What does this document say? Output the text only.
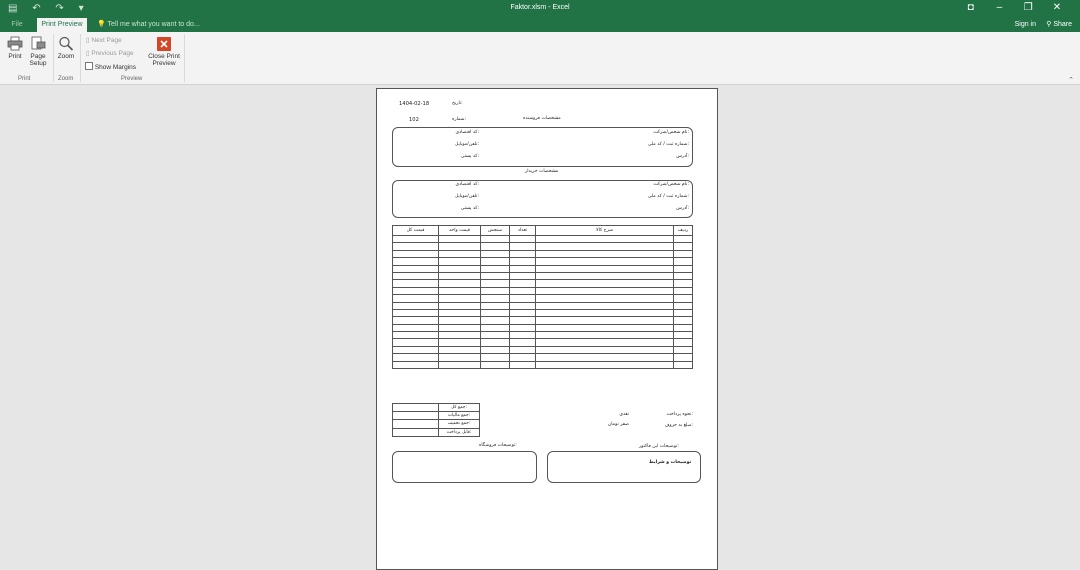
▤ ↶ ↷ ▾	Faktor.xlsm - Excel	◘ – ❐ ✕
File	Print Preview	💡 Tell me what you want to do...	Sign in ⚲ Share
Print	Page
Setup
Print
Zoom
Zoom
▯ Next Page
▯ Previous Page
Show Margins
Close Print
Preview
Preview	⌃
تاریخ:
1404-02-18
شماره:
102	مشخصات فروشنده
نام شخص/شرکت:
شماره ثبت / کد ملی:
آدرس:
کد اقتصادی:
تلفن/موبایل:
کد پستی:
مشخصات خریدار
نام شخص/شرکت:
شماره ثبت / کد ملی:
آدرس:
کد اقتصادی:
تلفن/موبایل:
کد پستی:
قیمت کل	قیمت واحد	سنجش	تعداد	شرح کالا	ردیف

	جمع کل:
	جمع مالیات:
	جمع تخفیف:
	قابل پرداخت:
نحوه پرداخت:
نقدی
مبلغ به حروف:
صفر تومان
توضیحات فروشگاه:	توضیحات این فاکتور:
توضیحات و شرایط
